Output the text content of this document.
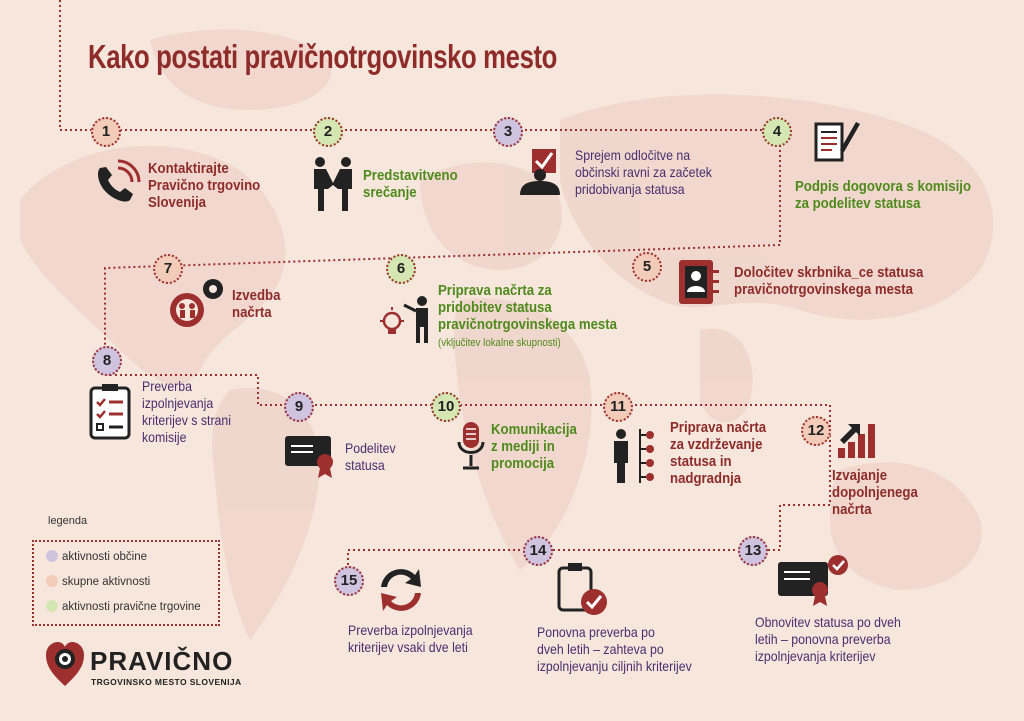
Kako postati pravičnotrgovinsko mesto
1	2	3	4
5
6
7
8
9	10	11
12
13
14
15
Kontaktirajte
Pravično trgovino
Slovenija
Predstavitveno
srečanje
Sprejem odločitve na
občinski ravni za začetek
pridobivanja statusa	Podpis dogovora s komisijo
za podelitev statusa
Določitev skrbnika_ce statusa
pravičnotrgovinskega mesta
Priprava načrta za
pridobitev statusa
pravičnotrgovinskega mesta
(vključitev lokalne skupnosti)
Izvedba
načrta
Preverba
izpolnjevanja
kriterijev s strani
komisije
Podelitev
statusa
Komunikacija
z mediji in
promocija
Priprava načrta
za vzdrževanje
statusa in
nadgradnja	Izvajanje
dopolnjenega
načrta
Obnovitev statusa po dveh
letih – ponovna preverba
izpolnjevanja kriterijev
Ponovna preverba po
dveh letih – zahteva po
izpolnjevanju ciljnih kriterijev
Preverba izpolnjevanja
kriterijev vsaki dve leti
legenda
aktivnosti občine
skupne aktivnosti
aktivnosti pravične trgovine
PRAVIČNO
TRGOVINSKO MESTO SLOVENIJA
